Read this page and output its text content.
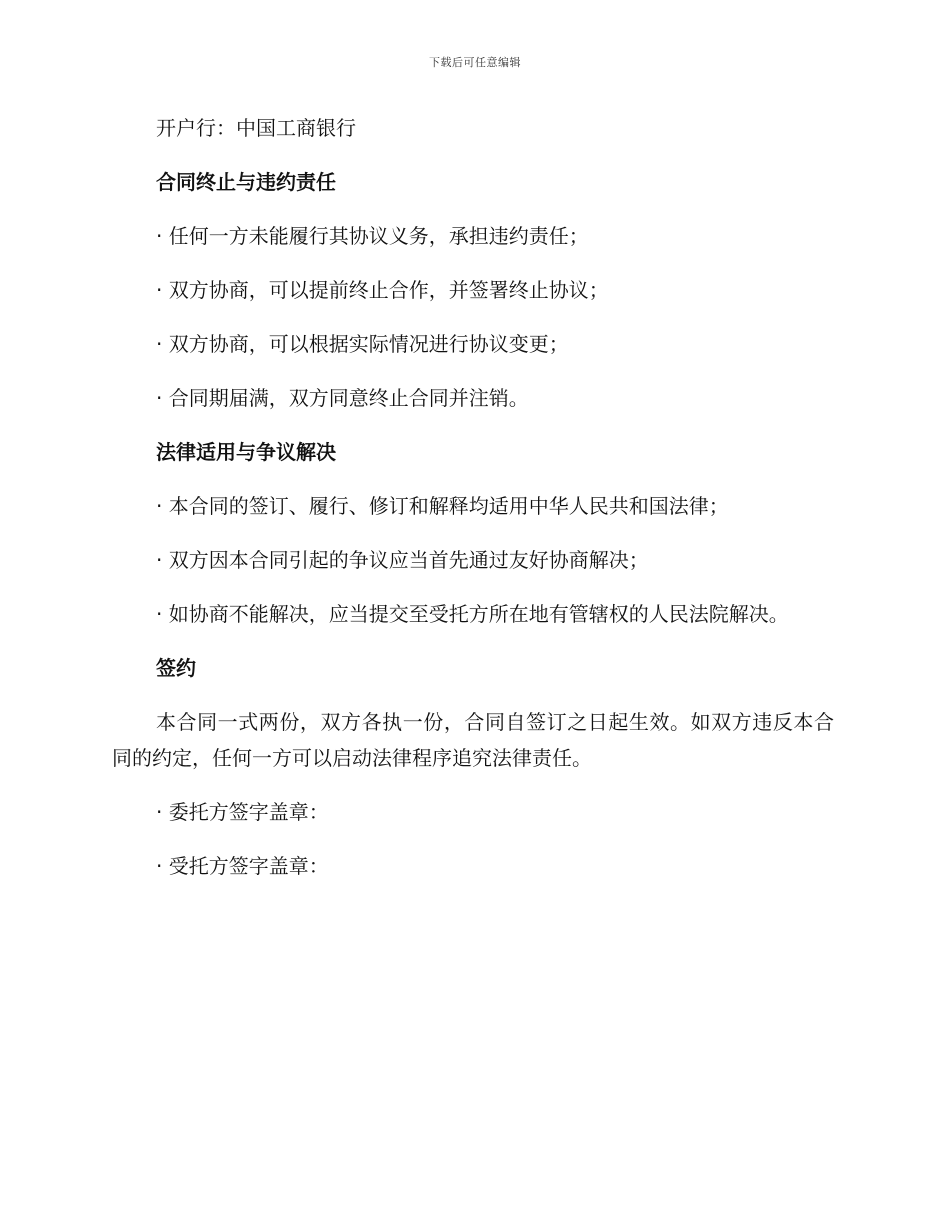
下载后可任意编辑

开户行：中国工商银行

合同终止与违约责任

· 任何一方未能履行其协议义务，承担违约责任；

· 双方协商，可以提前终止合作，并签署终止协议；

· 双方协商，可以根据实际情况进行协议变更；

· 合同期届满，双方同意终止合同并注销。

法律适用与争议解决

· 本合同的签订、履行、修订和解释均适用中华人民共和国法律；

· 双方因本合同引起的争议应当首先通过友好协商解决；

· 如协商不能解决，应当提交至受托方所在地有管辖权的人民法院解决。

签约

本合同一式两份，双方各执一份，合同自签订之日起生效。如双方违反本合同的约定，任何一方可以启动法律程序追究法律责任。

· 委托方签字盖章：

· 受托方签字盖章：
